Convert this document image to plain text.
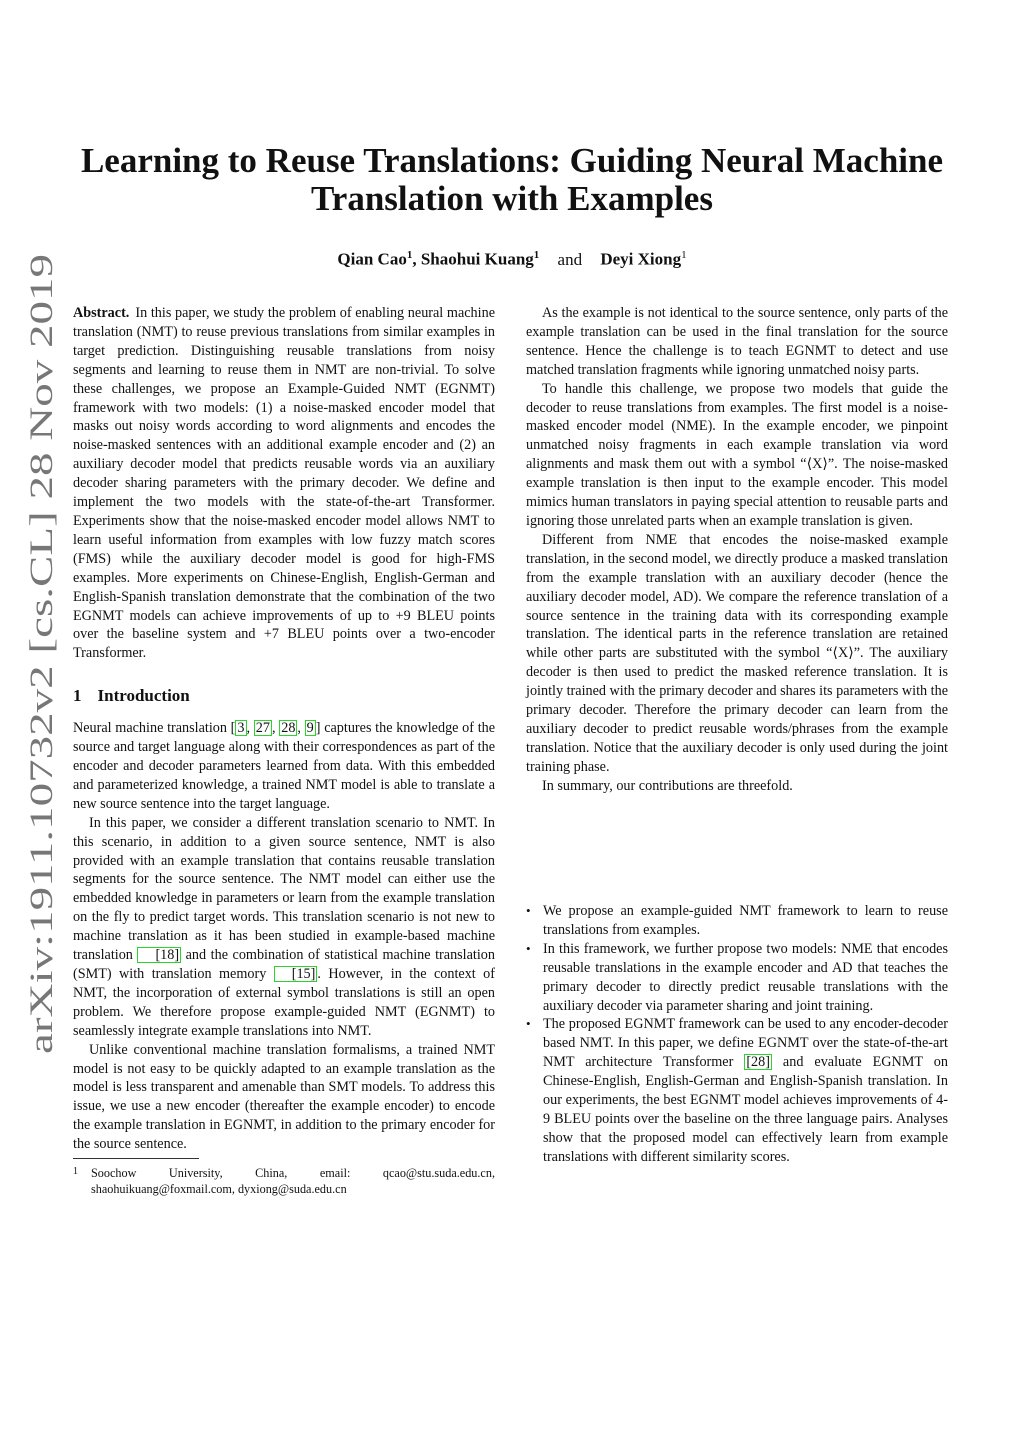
Learning to Reuse Translations: Guiding Neural Machine
Translation with Examples
Qian Cao$^1$, Shaohui Kuang$^1$ and Deyi Xiong$^1$
arXiv:1911.10732v2 [cs.CL] 28 Nov 2019

Abstract. In this paper, we study the problem of enabling neural machine translation (NMT) to reuse previous translations from similar examples in target prediction. Distinguishing reusable translations from noisy segments and learning to reuse them in NMT are non-trivial. To solve these challenges, we propose an Example-Guided NMT (EGNMT) framework with two models: (1) a noise-masked encoder model that masks out noisy words according to word alignments and encodes the noise-masked sentences with an additional example encoder and (2) an auxiliary decoder model that predicts reusable words via an auxiliary decoder sharing parameters with the primary decoder. We define and implement the two models with the state-of-the-art Transformer. Experiments show that the noise-masked encoder model allows NMT to learn useful information from examples with low fuzzy match scores (FMS) while the auxiliary decoder model is good for high-FMS examples. More experiments on Chinese-English, English-German and English-Spanish translation demonstrate that the combination of the two EGNMT models can achieve improvements of up to +9 BLEU points over the baseline system and +7 BLEU points over a two-encoder Transformer.

1 Introduction

Neural machine translation [ 3 , 27 , 28 , 9 ] captures the knowledge of the source and target language along with their correspondences as part of the encoder and decoder parameters learned from data. With this embedded and parameterized knowledge, a trained NMT model is able to translate a new source sentence into the target language.

In this paper, we consider a different translation scenario to NMT. In this scenario, in addition to a given source sentence, NMT is also provided with an example translation that contains reusable translation segments for the source sentence. The NMT model can either use the embedded knowledge in parameters or learn from the example translation on the fly to predict target words. This translation scenario is not new to machine translation as it has been studied in example-based machine translation [18] and the combination of statistical machine translation (SMT) with translation memory [15] . However, in the context of NMT, the incorporation of external symbol translations is still an open problem. We therefore propose example-guided NMT (EGNMT) to seamlessly integrate example translations into NMT.

Unlike conventional machine translation formalisms, a trained NMT model is not easy to be quickly adapted to an example translation as the model is less transparent and amenable than SMT models. To address this issue, we use a new encoder (thereafter the example encoder) to encode the example translation in EGNMT, in addition to the primary encoder for the source sentence.

1	Soochow University, China, email: qcao@stu.suda.edu.cn, shaohuikuang@foxmail.com, dyxiong@suda.edu.cn

As the example is not identical to the source sentence, only parts of the example translation can be used in the final translation for the source sentence. Hence the challenge is to teach EGNMT to detect and use matched translation fragments while ignoring unmatched noisy parts.

To handle this challenge, we propose two models that guide the decoder to reuse translations from examples. The first model is a noise-masked encoder model (NME). In the example encoder, we pinpoint unmatched noisy fragments in each example translation via word alignments and mask them out with a symbol “⟨X⟩”. The noise-masked example translation is then input to the example encoder. This model mimics human translators in paying special attention to reusable parts and ignoring those unrelated parts when an example translation is given.

Different from NME that encodes the noise-masked example translation, in the second model, we directly produce a masked translation from the example translation with an auxiliary decoder (hence the auxiliary decoder model, AD). We compare the reference translation of a source sentence in the training data with its corresponding example translation. The identical parts in the reference translation are retained while other parts are substituted with the symbol “⟨X⟩”. The auxiliary decoder is then used to predict the masked reference translation. It is jointly trained with the primary decoder and shares its parameters with the primary decoder. Therefore the primary decoder can learn from the auxiliary decoder to predict reusable words/phrases from the example translation. Notice that the auxiliary decoder is only used during the joint training phase.

In summary, our contributions are threefold.

• We propose an example-guided NMT framework to learn to reuse translations from examples.
• In this framework, we further propose two models: NME that encodes reusable translations in the example encoder and AD that teaches the primary decoder to directly predict reusable translations with the auxiliary decoder via parameter sharing and joint training.
• The proposed EGNMT framework can be used to any encoder-decoder based NMT. In this paper, we define EGNMT over the state-of-the-art NMT architecture Transformer [28] and evaluate EGNMT on Chinese-English, English-German and English-Spanish translation. In our experiments, the best EGNMT model achieves improvements of 4-9 BLEU points over the baseline on the three language pairs. Analyses show that the proposed model can effectively learn from example translations with different similarity scores.
